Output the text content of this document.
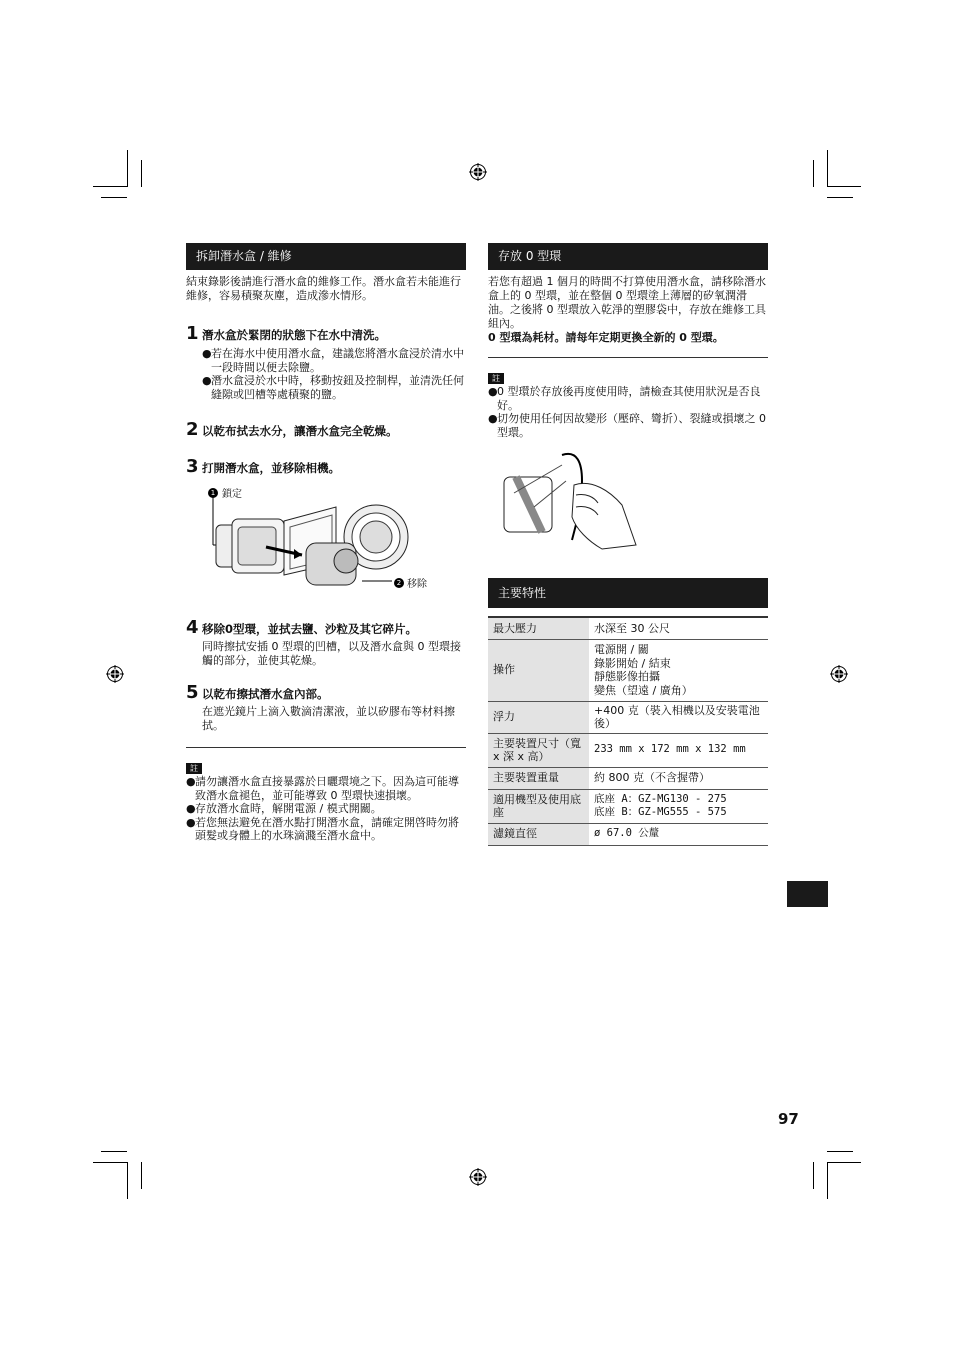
拆卸潛水盒 / 維修

結束錄影後請進行潛水盒的維修工作。潛水盒若未能進行維修，容易積聚灰塵，造成滲水情形。

1 潛水盒於緊閉的狀態下在水中清洗。
● 若在海水中使用潛水盒，建議您將潛水盒浸於清水中一段時間以便去除鹽。
● 潛水盒浸於水中時，移動按鈕及控制桿，並清洗任何縫隙或凹槽等處積聚的鹽。
2 以乾布拭去水分，讓潛水盒完全乾燥。
3 打開潛水盒，並移除相機。
1 鎖定
2 移除
4 移除0型環，並拭去鹽、沙粒及其它碎片。

同時擦拭安插 0 型環的凹槽，以及潛水盒與 0 型環接觸的部分，並使其乾燥。

5 以乾布擦拭潛水盒內部。

在遮光鏡片上滴入數滴清潔液，並以矽膠布等材料擦拭。

註
● 請勿讓潛水盒直接暴露於日曬環境之下。因為這可能導致潛水盒褪色，並可能導致 0 型環快速損壞。
● 存放潛水盒時，解開電源 / 模式開關。
● 若您無法避免在潛水點打開潛水盒，請確定開啓時勿將頭髮或身體上的水珠滴濺至潛水盒中。
存放 0 型環

若您有超過 1 個月的時間不打算使用潛水盒，請移除潛水盒上的 0 型環，並在整個 0 型環塗上薄層的矽氧潤滑油。之後將 0 型環放入乾淨的塑膠袋中，存放在維修工具組內。

0 型環為耗材。請每年定期更換全新的 0 型環。

註
● 0 型環於存放後再度使用時，請檢查其使用狀況是否良好。
● 切勿使用任何因故變形（壓碎、彎折）、裂縫或損壞之 0 型環。
主要特性
最大壓力	水深至 30 公尺

操作	電源開 / 關
錄影開始 / 結束
靜態影像拍攝
變焦（望遠 / 廣角）

浮力	+400 克（裝入相機以及安裝電池後）

主要裝置尺寸（寬 x 深 x 高）	233 mm x 172 mm x 132 mm

主要裝置重量	約 800 克（不含握帶）

適用機型及使用底座	底座 A：GZ-MG130 - 275
底座 B：GZ-MG555 - 575

濾鏡直徑	ø 67.0 公釐
97
